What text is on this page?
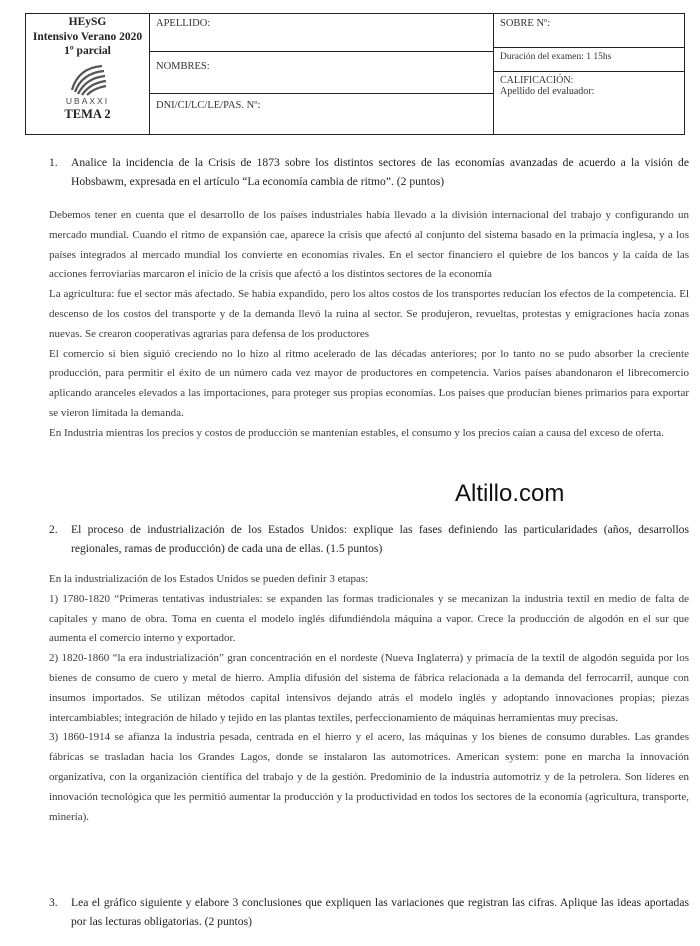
HEySG
Intensivo Verano 2020
1º parcial
UBAXXI
TEMA 2
APELLIDO:
NOMBRES:
DNI/CI/LC/LE/PAS. Nº:
SOBRE Nº:
Duración del examen: 1 15hs
CALIFICACIÓN:
Apellido del evaluador:
1. Analice la incidencia de la Crisis de 1873 sobre los distintos sectores de las economías avanzadas de acuerdo a la visión de Hobsbawm, expresada en el artículo “La economía cambia de ritmo”. (2 puntos)

Debemos tener en cuenta que el desarrollo de los países industriales había llevado a la división internacional del trabajo y configurando un mercado mundial. Cuando el ritmo de expansión cae, aparece la crisis que afectó al conjunto del sistema basado en la primacía inglesa, y a los países integrados al mercado mundial los convierte en economías rivales. En el sector financiero el quiebre de los bancos y la caída de las acciones ferroviarias marcaron el inicio de la crisis que afectó a los distintos sectores de la economía

La agricultura: fue el sector más afectado. Se había expandido, pero los altos costos de los transportes reducían los efectos de la competencia. El descenso de los costos del transporte y de la demanda llevó la ruina al sector. Se produjeron, revueltas, protestas y emigraciones hacia zonas nuevas. Se crearon cooperativas agrarias para defensa de los productores

El comercio si bien siguió creciendo no lo hizo al ritmo acelerado de las décadas anteriores; por lo tanto no se pudo absorber la creciente producción, para permitir el éxito de un número cada vez mayor de productores en competencia. Varios países abandonaron el librecomercio aplicando aranceles elevados a las importaciones, para proteger sus propias economías. Los países que producían bienes primarios para exportar se vieron limitada la demanda.

En Industria mientras los precios y costos de producción se mantenían estables, el consumo y los precios caían a causa del exceso de oferta.

Altillo.com
2. El proceso de industrialización de los Estados Unidos: explique las fases definiendo las particularidades (años, desarrollos regionales, ramas de producción) de cada una de ellas. (1.5 puntos)

En la industrialización de los Estados Unidos se pueden definir 3 etapas:

1) 1780-1820 “Primeras tentativas industriales: se expanden las formas tradicionales y se mecanizan la industria textil en medio de falta de capitales y mano de obra. Toma en cuenta el modelo inglés difundiéndola máquina a vapor. Crece la producción de algodón en el sur que aumenta el comercio interno y exportador.

2) 1820-1860 “la era industrialización” gran concentración en el nordeste (Nueva Inglaterra) y primacía de la textil de algodón seguida por los bienes de consumo de cuero y metal de hierro. Amplia difusión del sistema de fábrica relacionada a la demanda del ferrocarril, aunque con insumos importados. Se utilizan métodos capital intensivos dejando atrás el modelo inglés y adoptando innovaciones propias; piezas intercambiables; integración de hilado y tejido en las plantas textiles, perfeccionamiento de máquinas herramientas muy precisas.

3) 1860-1914 se afianza la industria pesada, centrada en el hierro y el acero, las máquinas y los bienes de consumo durables. Las grandes fábricas se trasladan hacia los Grandes Lagos, donde se instalaron las automotrices. American system: pone en marcha la innovación organizativa, con la organización científica del trabajo y de la gestión. Predominio de la industria automotriz y de la petrolera. Son líderes en innovación tecnológica que les permitió aumentar la producción y la productividad en todos los sectores de la economía (agricultura, transporte, minería).

3. Lea el gráfico siguiente y elabore 3 conclusiones que expliquen las variaciones que registran las cifras. Aplique las ideas aportadas por las lecturas obligatorias. (2 puntos)
